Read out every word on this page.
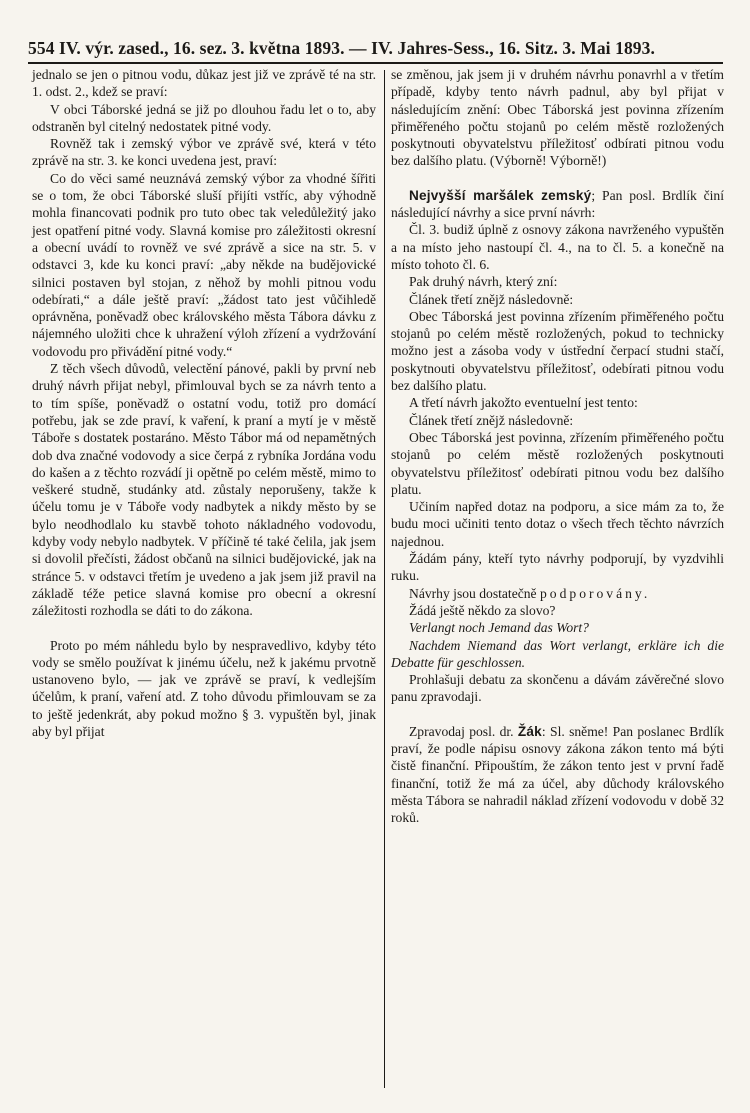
554 IV. výr. zased., 16. sez. 3. května 1893. — IV. Jahres-Sess., 16. Sitz. 3. Mai 1893.

jednalo se jen o pitnou vodu, důkaz jest již ve zprávě té na str. 1. odst. 2., kdež se praví:

V obci Táborské jedná se již po dlouhou řadu let o to, aby odstraněn byl citelný nedostatek pitné vody.

Rovněž tak i zemský výbor ve zprávě své, která v této zprávě na str. 3. ke konci uvedena jest, praví:

Co do věci samé neuznává zemský výbor za vhodné šířiti se o tom, že obci Táborské sluší přijíti vstříc, aby výhodně mohla financovati podnik pro tuto obec tak veledůležitý jako jest opatření pitné vody. Slavná komise pro záležitosti okresní a obecní uvádí to rovněž ve své zprávě a sice na str. 5. v odstavci 3, kde ku konci praví: „aby někde na budějovické silnici postaven byl stojan, z něhož by mohli pitnou vodu odebírati,“ a dále ještě praví: „žádost tato jest vůčihledě oprávněna, poněvadž obec královského města Tábora dávku z nájemného uložiti chce k uhražení výloh zřízení a vydržování vodovodu pro přivádění pitné vody.“

Z těch všech důvodů, velectění pánové, pakli by první neb druhý návrh přijat nebyl, přimlouval bych se za návrh tento a to tím spíše, poněvadž o ostatní vodu, totiž pro domácí potřebu, jak se zde praví, k vaření, k praní a mytí je v městě Táboře s dostatek postaráno. Město Tábor má od nepamětných dob dva značné vodovody a sice čerpá z rybníka Jordána vodu do kašen a z těchto rozvádí ji opětně po celém městě, mimo to veškeré studně, studánky atd. zůstaly neporušeny, takže k účelu tomu je v Táboře vody nadbytek a nikdy město by se bylo neodhodlalo ku stavbě tohoto nákladného vodovodu, kdyby vody nebylo nadbytek. V příčině té také čelila, jak jsem si dovolil přečísti, žádost občanů na silnici budějovické, jak na stránce 5. v odstavci třetím je uvedeno a jak jsem již pravil na základě téže petice slavná komise pro obecní a okresní záležitosti rozhodla se dáti to do zákona.

Proto po mém náhledu bylo by nespravedlivo, kdyby této vody se smělo používat k jinému účelu, než k jakému prvotně ustanoveno bylo, — jak ve zprávě se praví, k vedlejším účelům, k praní, vaření atd. Z toho důvodu přimlouvam se za to ještě jedenkrát, aby pokud možno § 3. vypuštěn byl, jinak aby byl přijat

se změnou, jak jsem ji v druhém návrhu ponavrhl a v třetím případě, kdyby tento návrh padnul, aby byl přijat v následujícím znění: Obec Táborská jest povinna zřízením přiměřeného počtu stojanů po celém městě rozložených poskytnouti obyvatelstvu příležitosť odbírati pitnou vodu bez dalšího platu. (Výborně! Výborně!)

Nejvyšší maršálek zemský; Pan posl. Brdlík činí následující návrhy a sice první návrh:

Čl. 3. budiž úplně z osnovy zákona navrženého vypuštěn a na místo jeho nastoupí čl. 4., na to čl. 5. a konečně na místo tohoto čl. 6.

Pak druhý návrh, který zní:

Článek třetí znějž následovně:

Obec Táborská jest povinna zřízením přiměřeného počtu stojanů po celém městě rozložených, pokud to technicky možno jest a zásoba vody v ústřední čerpací studni stačí, poskytnouti obyvatelstvu příležitosť, odebírati pitnou vodu bez dalšího platu.

A třetí návrh jakožto eventuelní jest tento:

Článek třetí znějž následovně:

Obec Táborská jest povinna, zřízením přiměřeného počtu stojanů po celém městě rozložených poskytnouti obyvatelstvu příležitosť odebírati pitnou vodu bez dalšího platu.

Učiním napřed dotaz na podporu, a sice mám za to, že budu moci učiniti tento dotaz o všech třech těchto návrzích najednou.

Žádám pány, kteří tyto návrhy podporují, by vyzdvihli ruku.

Návrhy jsou dostatečně podporovány.

Žádá ještě někdo za slovo?

Verlangt noch Jemand das Wort?

Nachdem Niemand das Wort verlangt, erkläre ich die Debatte für geschlossen.

Prohlašuji debatu za skončenu a dávám závěrečné slovo panu zpravodaji.

Zpravodaj posl. dr. Žák: Sl. sněme! Pan poslanec Brdlík praví, že podle nápisu osnovy zákona zákon tento má býti čistě finanční. Připouštím, že zákon tento jest v první řadě finanční, totiž že má za účel, aby důchody královského města Tábora se nahradil náklad zřízení vodovodu v době 32 roků.
